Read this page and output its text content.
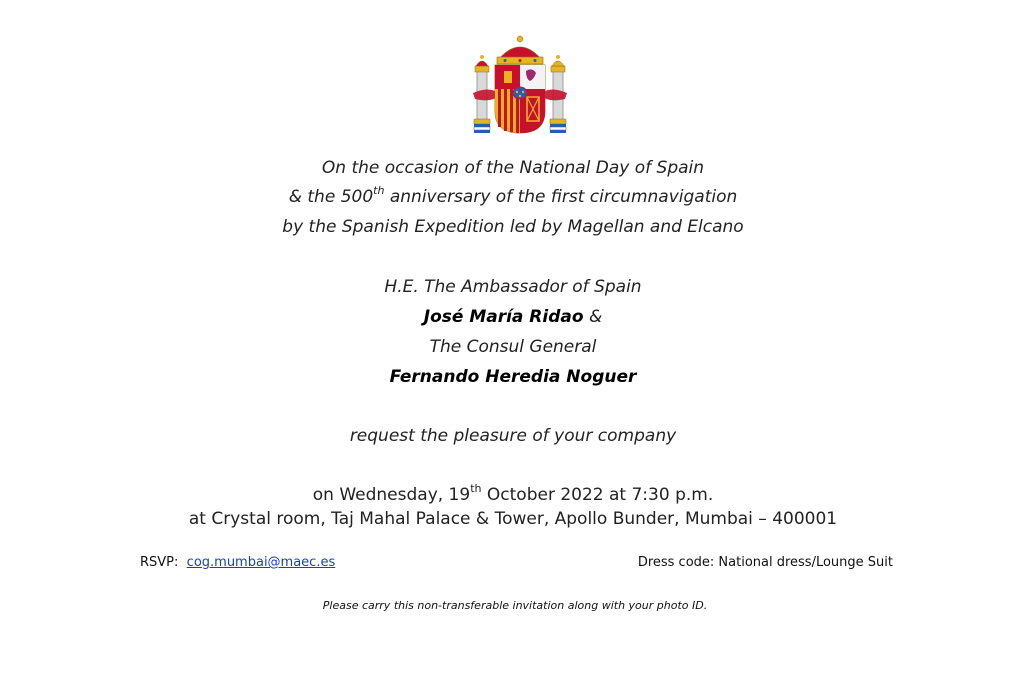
On the occasion of the National Day of Spain
& the 500th anniversary of the first circumnavigation
by the Spanish Expedition led by Magellan and Elcano
H.E. The Ambassador of Spain
José María Ridao &
The Consul General
Fernando Heredia Noguer
request the pleasure of your company
on Wednesday, 19th October 2022 at 7:30 p.m.
at Crystal room, Taj Mahal Palace & Tower, Apollo Bunder, Mumbai – 400001
RSVP: cog.mumbai@maec.es	Dress code: National dress/Lounge Suit
Please carry this non-transferable invitation along with your photo ID.
